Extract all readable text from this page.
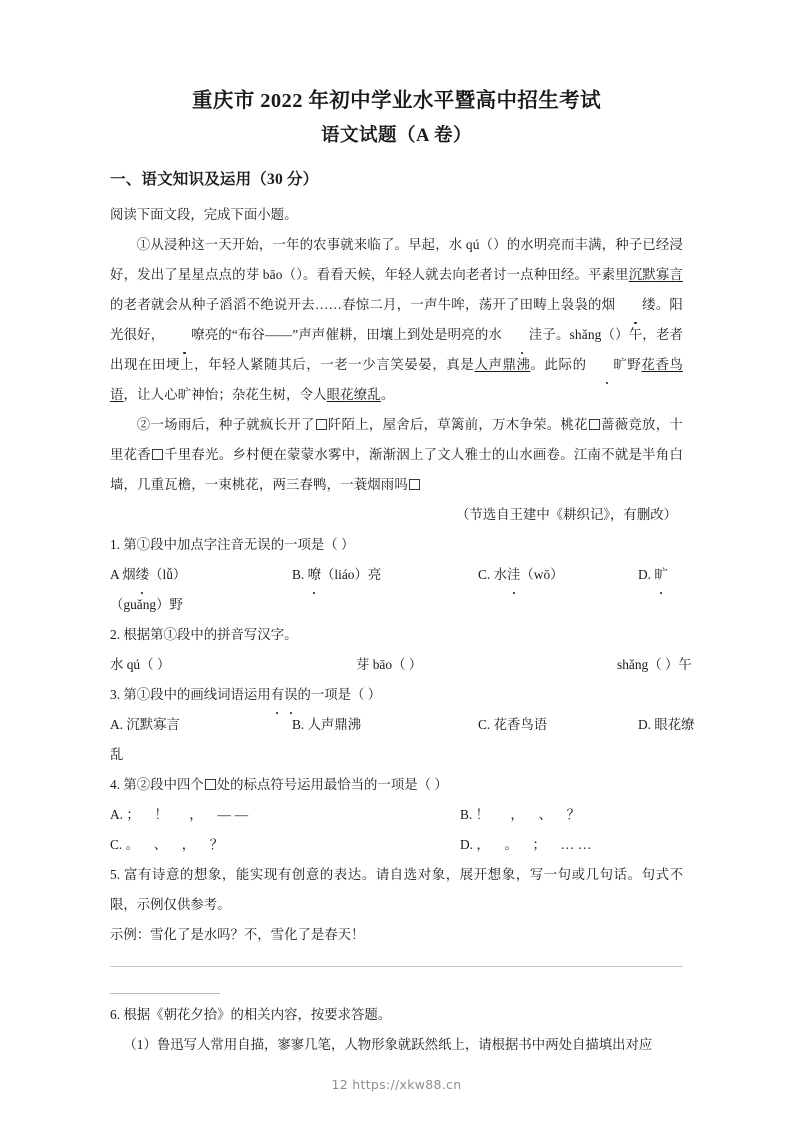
重庆市 2022 年初中学业水平暨高中招生考试
语文试题（A 卷）
一、语文知识及运用（30 分）

阅读下面文段，完成下面小题。

①从浸种这一天开始，一年的农事就来临了。早起，水 qú（）的水明亮而丰满，种子已经浸好，发出了星星点点的芽 bāo（）。看看天候，年轻人就去向老者讨一点种田经。平素里沉默寡言的老者就会从种子滔滔不绝说开去……春惊二月，一声牛哞，荡开了田畴上袅袅的烟 缕。阳光很好， 嘹亮的“布谷——”声声催耕，田壤上到处是明亮的水 洼子。shǎng（）午，老者出现在田埂上，年轻人紧随其后，一老一少言笑晏晏，真是人声鼎沸。此际的 旷野花香鸟语，让人心旷神怡；杂花生树，令人眼花缭乱。

②一场雨后，种子就疯长开了 阡陌上，屋舍后，草篱前，万木争荣。桃花 蔷薇竞放，十里花香 千里春光。乡村便在蒙蒙水雾中，渐渐洇上了文人雅士的山水画卷。江南不就是半角白墙，几重瓦檐，一束桃花，两三春鸭，一蓑烟雨吗

（节选自王建中《耕织记》，有删改）

1. 第①段中加点字注音无误的一项是（ ）

A 烟缕（lǚ）	B. 嘹（liáo）亮	C. 水洼（wō）	D. 旷

（guǎng）野

2. 根据第①段中的拼音写汉字。

水 qú（ ）	芽 bāo（ ）	shǎng（ ）午

3. 第①段中的画线词语运用有误的一项是（ ）

A. 沉默寡言	B. 人声鼎沸	C. 花香鸟语	D. 眼花缭

乱

4. 第②段中四个 处的标点符号运用最恰当的一项是（ ）

A. ；　！　，　——	B. ！　，　、　？
C. 。　、　，　？	D. ，　。　；　……

5. 富有诗意的想象，能实现有创意的表达。请自选对象，展开想象，写一句或几句话。句式不限，示例仅供参考。

示例：雪化了是水吗？不，雪化了是春天！

6. 根据《朝花夕拾》的相关内容，按要求答题。

（1）鲁迅写人常用自描，寥寥几笔，人物形象就跃然纸上，请根据书中两处自描填出对应

12 https://xkw88.cn
